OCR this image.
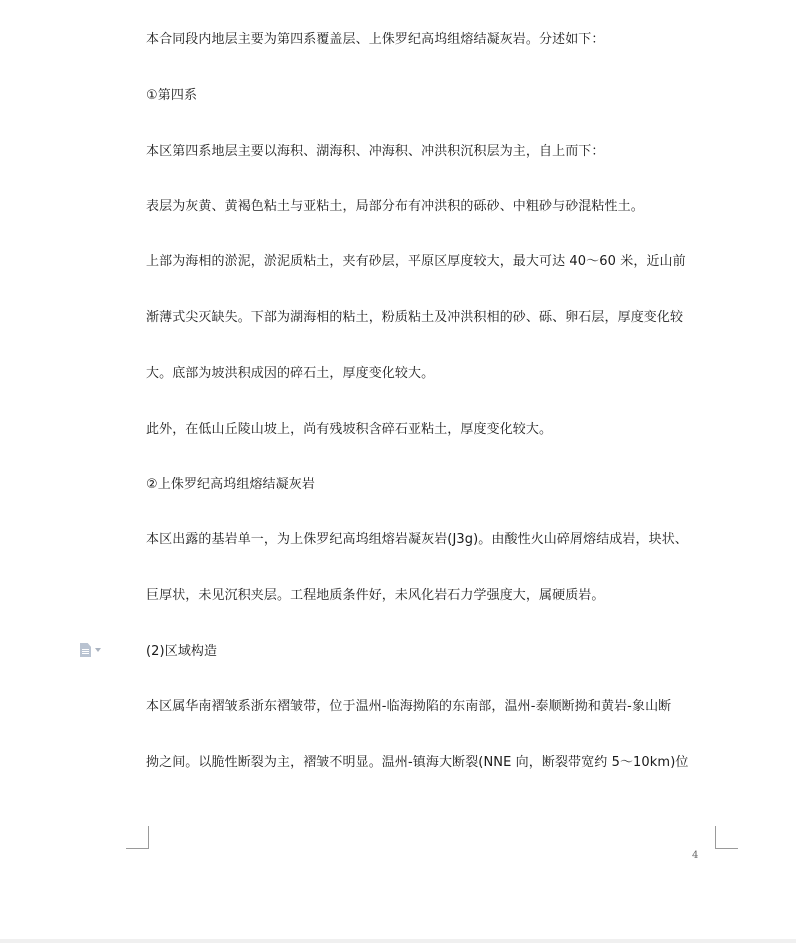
本合同段内地层主要为第四系覆盖层、上侏罗纪高坞组熔结凝灰岩。分述如下：
①第四系
本区第四系地层主要以海积、湖海积、冲海积、冲洪积沉积层为主，自上而下：
表层为灰黄、黄褐色粘土与亚粘土，局部分布有冲洪积的砾砂、中粗砂与砂混粘性土。
上部为海相的淤泥，淤泥质粘土，夹有砂层，平原区厚度较大，最大可达 40～60 米，近山前
渐薄式尖灭缺失。下部为湖海相的粘土，粉质粘土及冲洪积相的砂、砾、卵石层，厚度变化较
大。底部为坡洪积成因的碎石土，厚度变化较大。
此外，在低山丘陵山坡上，尚有残坡积含碎石亚粘土，厚度变化较大。
②上侏罗纪高坞组熔结凝灰岩
本区出露的基岩单一，为上侏罗纪高坞组熔岩凝灰岩(J3g)。由酸性火山碎屑熔结成岩，块状、
巨厚状，未见沉积夹层。工程地质条件好，未风化岩石力学强度大，属硬质岩。
(2)区域构造
本区属华南褶皱系浙东褶皱带，位于温州-临海拗陷的东南部，温州-泰顺断拗和黄岩-象山断
拗之间。以脆性断裂为主，褶皱不明显。温州-镇海大断裂(NNE 向，断裂带宽约 5～10km)位
4
